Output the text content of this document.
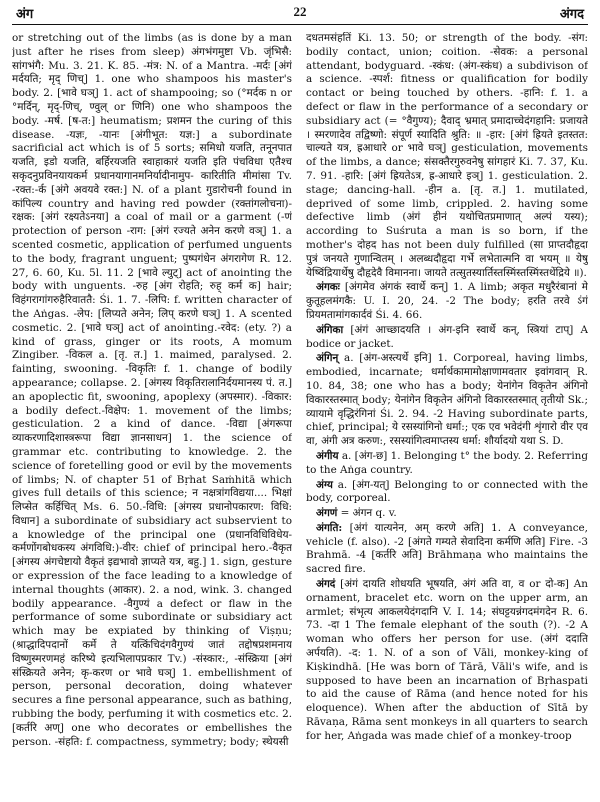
अंग	22	अंगद

or stretching out of the limbs (as is done by a man just after he rises from sleep) अंगभंगमुष्टा Vb. जृंभिसै: सांगभंगै: Mu. 3. 21. K. 85. -मंत्र: N. of a Mantra. -मर्दः [अंगं मर्दयति; मृद् णिच्] 1. one who shampoos his master's body. 2. [भावे घञ्] 1. act of shampooing; so (°मर्दक n or °मर्दिन्, मृद्-णिच्, ण्वुल् or णिनि) one who shampoos the body. -मर्ष. [ष-त:] heumatism; प्रशमन the curing of this disease. -यज्ञः, -यानः [अंगीभूत: यज्ञ:] a subordinate sacrificial act which is of 5 sorts; समिधो यजति, तनूनपात यजति, इडो यजति, बर्हिरयजति स्वाहाकारं यजति इति पंचविधा एतैश्च सकृदनुप्रविनयायकर्म प्रधानयागानमनिर्यादीनामुप- कारितीति मीमांसा Tv. -रक्त:-र्क [अंगे अवयवे रक्त:] N. of a plant गुडारोचनी found in कांपिल्य country and having red powder (रक्तांगलोचना)-रक्षक: [अंगं रक्ष्यतेऽनया] a coal of mail or a garment (-णं protection of person -राग: [अंगं रज्यते अनेन करणे वञ्] 1. a scented cosmetic, application of perfumed unguents to the body, fragrant unguent; पुष्पगंधेन अंगरागेण R. 12. 27, 6. 60, Ku. 5l. 11. 2 [भावे ल्युट्] act of anointing the body with unguents. -रुह [अंग रोहति; रुह् कर्म क] hair; विहंगरागांगरुहैरिवाततै: Śi. 1. 7. -लिपि: f. written character of the Aṅgas. -लेप: [लिप्यते अनेन; लिप् करणे घञ्] 1. A scented cosmetic. 2. [भावे घञ्] act of anointing.-रवेद: (ety. ?) a kind of grass, ginger or its roots, A momum Zingiber. -विकल a. [तृ. त.] 1. maimed, paralysed. 2. fainting, swooning. -विकृतिः f. 1. change of bodily appearance; collapse. 2. [अंगस्य विकृतिरालानिर्दयमानस्य पं. त.] an apoplectic fit, swooning, apoplexy (अपस्मार). -विकार: a bodily defect.-विक्षेप: 1. movement of the limbs; gesticulation. 2 a kind of dance. -विद्या [अंगरूपा व्याकरणादिशास्त्ररूपा विद्या ज्ञानसाधन] 1. the science of grammar etc. contributing to knowledge. 2. the science of foretelling good or evil by the movements of limbs; N. of chapter 51 of Bṛhat Saṁhitā which gives full details of this science; न नक्षत्रांगविद्यया.... भिक्षां लिप्सेत कर्हिचित् Ms. 6. 50.-विधि: [अंगस्य प्रधानोपकारण: विधि: विधान] a subordinate of subsidiary act subservient to a knowledge of the principal one (प्रधानविधिविधेय- कर्मणोंगबोधकस्य अंगविधि:)-वीर: chief of principal hero.-वैकृत [अंगस्य अंगचेष्टायो वैकृतं इद्यभावो ज्ञाप्यते यत्र, बहु.] 1. sign, gesture or expression of the face leading to a knowledge of internal thoughts (आकार). 2. a nod, wink. 3. changed bodily appearance. -वैगुण्यं a defect or flaw in the performance of some subordinate or subsidiary act which may be expiated by thinking of Viṣṇu; (श्राद्धादिपदानों कर्मे ते यत्किंचिदंगवैगुण्यं जातं तद्दोषप्रशमनाय विष्णुस्मरणमहं करिष्ये इत्यभिलापप्रकार Tv.) -संस्कार:, -संस्क्रिया [अंगं संस्क्रियते अनेन; कृ-करण or भावे घञ्] 1. embellishment of person, personal decoration, doing whatever secures a fine personal appearance, such as bathing, rubbing the body, perfuming it with cosmetics etc. 2. [कर्तरि अण्] one who decorates or embellishes the person. -संहति: f. compactness, symmetry; body; स्थेयसी

दधतमसंहतिं Ki. 13. 50; or strength of the body. -संग: bodily contact, union; coition. -सेवक: a personal attendant, bodyguard. -स्कंध: (अंग-स्कंध) a subdivison of a science. -स्पर्श: fitness or qualification for bodily contact or being touched by others. -हानि: f. 1. a defect or flaw in the performance of a secondary or subsidiary act (= °वैगुण्य); दैवाद् भ्रमात् प्रमादाच्चेदंगहानि: प्रजायते । स्मरणादेव तद्विष्णो: संपूर्ण स्यादिति श्रुति: ॥ -हार: [अंगं ह्रियते इतस्तत: चाल्यते यत्र, ह्रआधारे or भावे घञ्] gesticulation, movements of the limbs, a dance; संसक्तैरगुरुवनेषु सांगहारं Ki. 7. 37, Ku. 7. 91. -हारि: [अंगं ह्रियतेऽत्र, ह्र-आधारे इञ्] 1. gesticulation. 2. stage; dancing-hall. -हीन a. [तृ. त.] 1. mutilated, deprived of some limb, crippled. 2. having some defective limb (अंगं हीनं यथोचितप्रमाणात् अल्पं यस्य); according to Suśruta a man is so born, if the mother's दोहद has not been duly fulfilled (सा प्राप्तदौहृदा पुत्रं जनयते गुणान्वितम् । अलब्धदौहृदा गर्भे लभेतात्मनि वा भयम् ॥ येषु येष्विंद्रियार्थेषु दौहृदेवै विमानना। जायते तत्सुतस्यार्तिस्तस्मिंस्तस्मिंस्तथेंद्रिये ॥).

अंगकः [अंगमेव अंगकं स्वार्थे कन्] 1. A limb; अकृत मधुरैरंबानां मे कुतूहलमंगकै: U. I. 20, 24. -2 The body; हरति तरवे ऽंगं प्रियमतामांगकार्दवं Śi. 4. 66.

अंगिका [अंगं आच्छादयति । अंग-इनि स्वार्थे कन्, स्त्रियां टाप्] A bodice or jacket.

अंगिन् a. [अंग-अस्त्यर्थे इनि] 1. Corporeal, having limbs, embodied, incarnate; धर्मार्थकामामोक्षाणामवतार इवांगवान् R. 10. 84, 38; one who has a body; येनांगेन विकृतेन अंगिनो विकारस्तस्मात् body; येनांगेन विकृतेन अंगिनो विकारस्तस्मात् तृतीयो Sk.; व्यायामे वृद्धिरंगिनां Śi. 2. 94. -2 Having subordinate parts, chief, principal; ये रसस्यांगिनो धर्मा:; एक एव भवेदंगी शृंगारो वीर एव वा, अंगी अत्र करुण:, रसस्यांगित्वमाप्तस्य धर्मा: शौर्यादयो यथा S. D.

अंगीय a. [अंग-छ] 1. Belonging t° the body. 2. Referring to the Aṅga country.

अंग्य a. [अंग-यत्] Belonging to or connected with the body, corporeal.

अंगणं = अंगन q. v.

अंगति: [अंगं यात्यनेन, अम् करणे अति] 1. A conveyance, vehicle (f. also). -2 [अंगते गम्यते सेवादिना कर्मणि अति] Fire. -3 Brahmā. -4 [कर्तरि अति] Brāhmaṇa who maintains the sacred fire.

अंगदं [अंगं दायति शोधयति भूषयति, अंगं अति वा, व or दो-क] An ornament, bracelet etc. worn on the upper arm, an armlet; संभृत्य आकलयेदंगदानि V. I. 14; संघट्टयन्नंगदमंगदेन R. 6. 73. -दा 1 The female elephant of the south (?). -2 A woman who offers her person for use. (अंगं ददाति अर्पयति). -द: 1. N. of a son of Vāli, monkey-king of Kiṣkindhā. [He was born of Tārā, Vāli's wife, and is supposed to have been an incarnation of Bṛhaspati to aid the cause of Rāma (and hence noted for his eloquence). When after the abduction of Sītā by Rāvaṇa, Rāma sent monkeys in all quarters to search for her, Aṅgada was made chief of a monkey-troop
